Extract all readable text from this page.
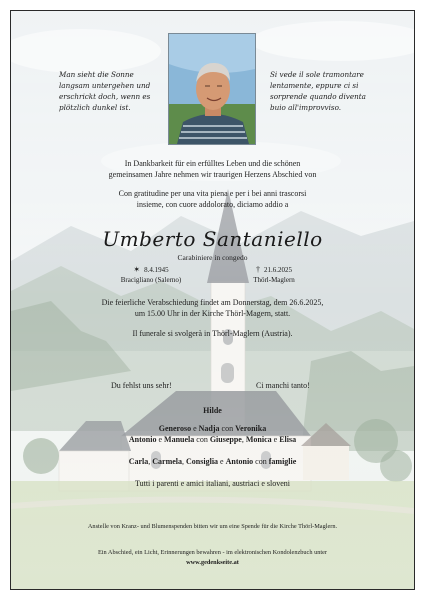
Man sieht die Sonne
langsam untergehen und
erschrickt doch, wenn es
plötzlich dunkel ist.
Si vede il sole tramontare
lentamente, eppure ci si
sorprende quando diventa
buio all'improvviso.
In Dankbarkeit für ein erfülltes Leben und die schönen
gemeinsamen Jahre nehmen wir traurigen Herzens Abschied von
Con gratitudine per una vita piena e per i bei anni trascorsi
insieme, con cuore addolorato, diciamo addio a
Umberto Santaniello
Carabiniere in congedo
✶ 8.4.1945
Bracigliano (Salerno)
† 21.6.2025
Thörl-Maglern
Die feierliche Verabschiedung findet am Donnerstag, dem 26.6.2025,
um 15.00 Uhr in der Kirche Thörl-Magern, statt.
Il funerale si svolgerà in Thörl-Maglern (Austria).
Du fehlst uns sehr!	Ci manchi tanto!
Hilde
Generoso e Nadja con Veronika
Antonio e Manuela con Giuseppe, Monica e Elisa
Carla, Carmela, Consiglia e Antonio con famiglie
Tutti i parenti e amici italiani, austriaci e sloveni
Anstelle von Kranz- und Blumenspenden bitten wir um eine Spende für die Kirche Thörl-Maglern.
Ein Abschied, ein Licht, Erinnerungen bewahren - im elektronischen Kondolenzbuch unter
www.gedenkseite.at
